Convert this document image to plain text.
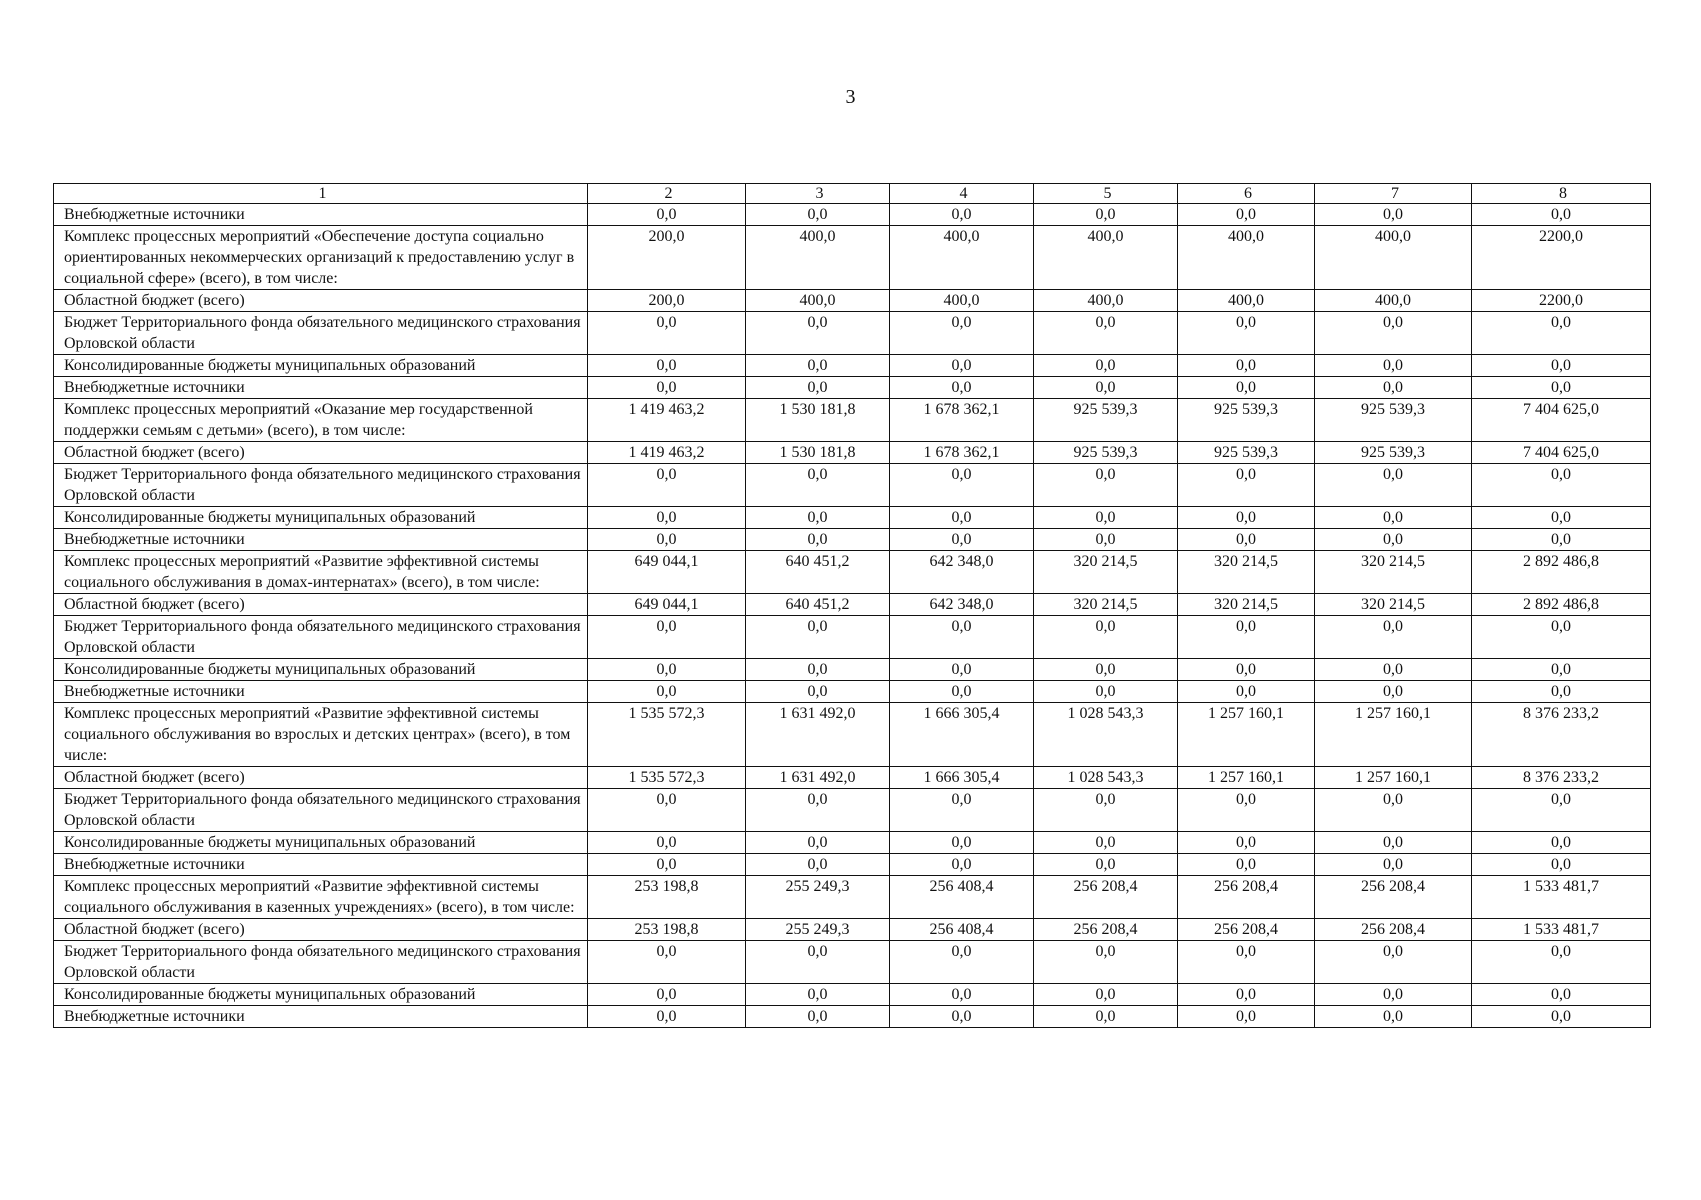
3
1	2	3	4	5	6	7	8
Внебюджетные источники	0,0	0,0	0,0	0,0	0,0	0,0	0,0
Комплекс процессных мероприятий «Обеспечение доступа социально ориентированных некоммерческих организаций к предоставлению услуг в социальной сфере» (всего), в том числе:	200,0	400,0	400,0	400,0	400,0	400,0	2200,0
Областной бюджет (всего)	200,0	400,0	400,0	400,0	400,0	400,0	2200,0
Бюджет Территориального фонда обязательного медицинского страхования Орловской области	0,0	0,0	0,0	0,0	0,0	0,0	0,0
Консолидированные бюджеты муниципальных образований	0,0	0,0	0,0	0,0	0,0	0,0	0,0
Внебюджетные источники	0,0	0,0	0,0	0,0	0,0	0,0	0,0
Комплекс процессных мероприятий «Оказание мер государственной поддержки семьям с детьми» (всего), в том числе:	1 419 463,2	1 530 181,8	1 678 362,1	925 539,3	925 539,3	925 539,3	7 404 625,0
Областной бюджет (всего)	1 419 463,2	1 530 181,8	1 678 362,1	925 539,3	925 539,3	925 539,3	7 404 625,0
Бюджет Территориального фонда обязательного медицинского страхования Орловской области	0,0	0,0	0,0	0,0	0,0	0,0	0,0
Консолидированные бюджеты муниципальных образований	0,0	0,0	0,0	0,0	0,0	0,0	0,0
Внебюджетные источники	0,0	0,0	0,0	0,0	0,0	0,0	0,0
Комплекс процессных мероприятий «Развитие эффективной системы социального обслуживания в домах-интернатах» (всего), в том числе:	649 044,1	640 451,2	642 348,0	320 214,5	320 214,5	320 214,5	2 892 486,8
Областной бюджет (всего)	649 044,1	640 451,2	642 348,0	320 214,5	320 214,5	320 214,5	2 892 486,8
Бюджет Территориального фонда обязательного медицинского страхования Орловской области	0,0	0,0	0,0	0,0	0,0	0,0	0,0
Консолидированные бюджеты муниципальных образований	0,0	0,0	0,0	0,0	0,0	0,0	0,0
Внебюджетные источники	0,0	0,0	0,0	0,0	0,0	0,0	0,0
Комплекс процессных мероприятий «Развитие эффективной системы социального обслуживания во взрослых и детских центрах» (всего), в том числе:	1 535 572,3	1 631 492,0	1 666 305,4	1 028 543,3	1 257 160,1	1 257 160,1	8 376 233,2
Областной бюджет (всего)	1 535 572,3	1 631 492,0	1 666 305,4	1 028 543,3	1 257 160,1	1 257 160,1	8 376 233,2
Бюджет Территориального фонда обязательного медицинского страхования Орловской области	0,0	0,0	0,0	0,0	0,0	0,0	0,0
Консолидированные бюджеты муниципальных образований	0,0	0,0	0,0	0,0	0,0	0,0	0,0
Внебюджетные источники	0,0	0,0	0,0	0,0	0,0	0,0	0,0
Комплекс процессных мероприятий «Развитие эффективной системы социального обслуживания в казенных учреждениях» (всего), в том числе:	253 198,8	255 249,3	256 408,4	256 208,4	256 208,4	256 208,4	1 533 481,7
Областной бюджет (всего)	253 198,8	255 249,3	256 408,4	256 208,4	256 208,4	256 208,4	1 533 481,7
Бюджет Территориального фонда обязательного медицинского страхования Орловской области	0,0	0,0	0,0	0,0	0,0	0,0	0,0
Консолидированные бюджеты муниципальных образований	0,0	0,0	0,0	0,0	0,0	0,0	0,0
Внебюджетные источники	0,0	0,0	0,0	0,0	0,0	0,0	0,0
